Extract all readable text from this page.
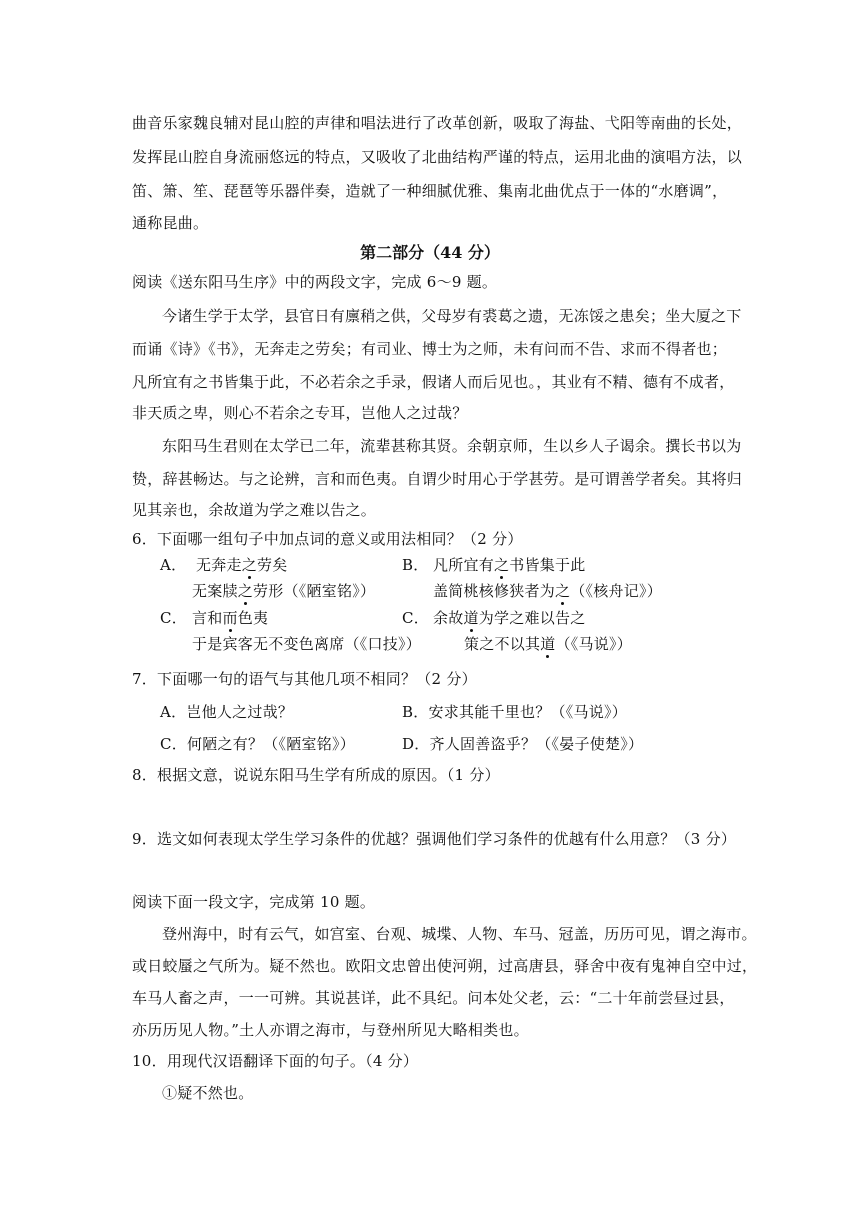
曲音乐家魏良辅对昆山腔的声律和唱法进行了改革创新，吸取了海盐、弋阳等南曲的长处，
发挥昆山腔自身流丽悠远的特点，又吸收了北曲结构严谨的特点，运用北曲的演唱方法，以
笛、箫、笙、琵琶等乐器伴奏，造就了一种细腻优雅、集南北曲优点于一体的“水磨调”，
通称昆曲。
第二部分（44 分）
阅读《送东阳马生序》中的两段文字，完成 6～9 题。
今诸生学于太学，县官日有廪稍之供，父母岁有裘葛之遗，无冻馁之患矣；坐大厦之下
而诵《诗》《书》，无奔走之劳矣；有司业、博士为之师，未有问而不告、求而不得者也；
凡所宜有之书皆集于此，不必若余之手录，假诸人而后见也。，其业有不精、德有不成者，
非天质之卑，则心不若余之专耳，岂他人之过哉？
东阳马生君则在太学已二年，流辈甚称其贤。余朝京师，生以乡人子谒余。撰长书以为
贽，辞甚畅达。与之论辨，言和而色夷。自谓少时用心于学甚劳。是可谓善学者矣。其将归
见其亲也，余故道为学之难以告之。
6．下面哪一组句子中加点词的意义或用法相同？（2 分）
A． 无奔走之劳矣
无案牍之劳形（《陋室铭》）
B． 凡所宜有之书皆集于此
盖简桃核修狭者为之（《核舟记》）
C． 言和而色夷
于是宾客无不变色离席（《口技》）
C． 余故道为学之难以告之
策之不以其道（《马说》）
7．下面哪一句的语气与其他几项不相同？（2 分）
A．岂他人之过哉？	B．安求其能千里也？（《马说》）
C．何陋之有？（《陋室铭》）	D．齐人固善盗乎？（《晏子使楚》）
8．根据文意，说说东阳马生学有所成的原因。（1 分）
9．选文如何表现太学生学习条件的优越？强调他们学习条件的优越有什么用意？（3 分）
阅读下面一段文字，完成第 10 题。
登州海中，时有云气，如宫室、台观、城堞、人物、车马、冠盖，历历可见，谓之海市。
或日蛟蜃之气所为。疑不然也。欧阳文忠曾出使河朔，过高唐县，驿舍中夜有鬼神自空中过，
车马人畜之声，一一可辨。其说甚详，此不具纪。问本处父老，云：“二十年前尝昼过县，
亦历历见人物。”土人亦谓之海市，与登州所见大略相类也。
10．用现代汉语翻译下面的句子。（4 分）
①疑不然也。
